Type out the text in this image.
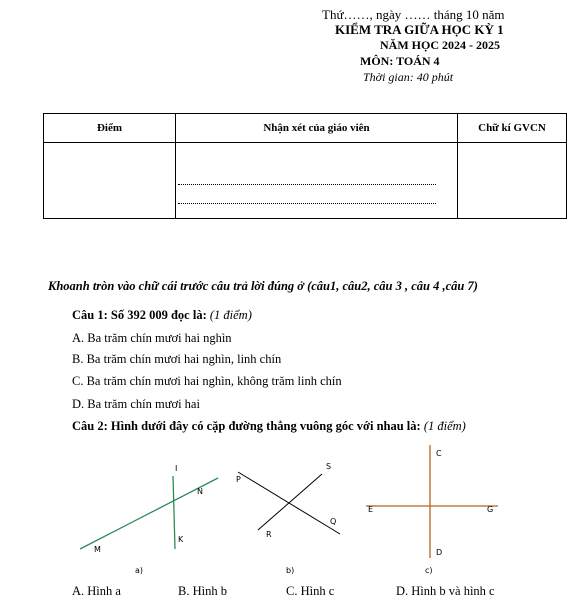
Thứ……, ngày …… tháng 10 năm
KIỂM TRA GIỮA HỌC KỲ 1
NĂM HỌC 2024 - 2025
MÔN: TOÁN 4
Thời gian: 40 phút
Điểm	Nhận xét của giáo viên	Chữ kí GVCN

Khoanh tròn vào chữ cái trước câu trả lời đúng ở (câu1, câu2, câu 3 , câu 4 ,câu 7)
Câu 1: Số 392 009 đọc là: (1 điểm)
A. Ba trăm chín mươi hai nghìn
B. Ba trăm chín mươi hai nghìn, linh chín
C. Ba trăm chín mươi hai nghìn, không trăm linh chín
D. Ba trăm chín mươi hai
Câu 2: Hình dưới đây có cặp đường thẳng vuông góc với nhau là: (1 điểm)
I
N
M
K
a)
P
S
R
Q
b)
C
E	G
D
c)
A. Hình a	B. Hình b	C. Hình c	D. Hình b và hình c
